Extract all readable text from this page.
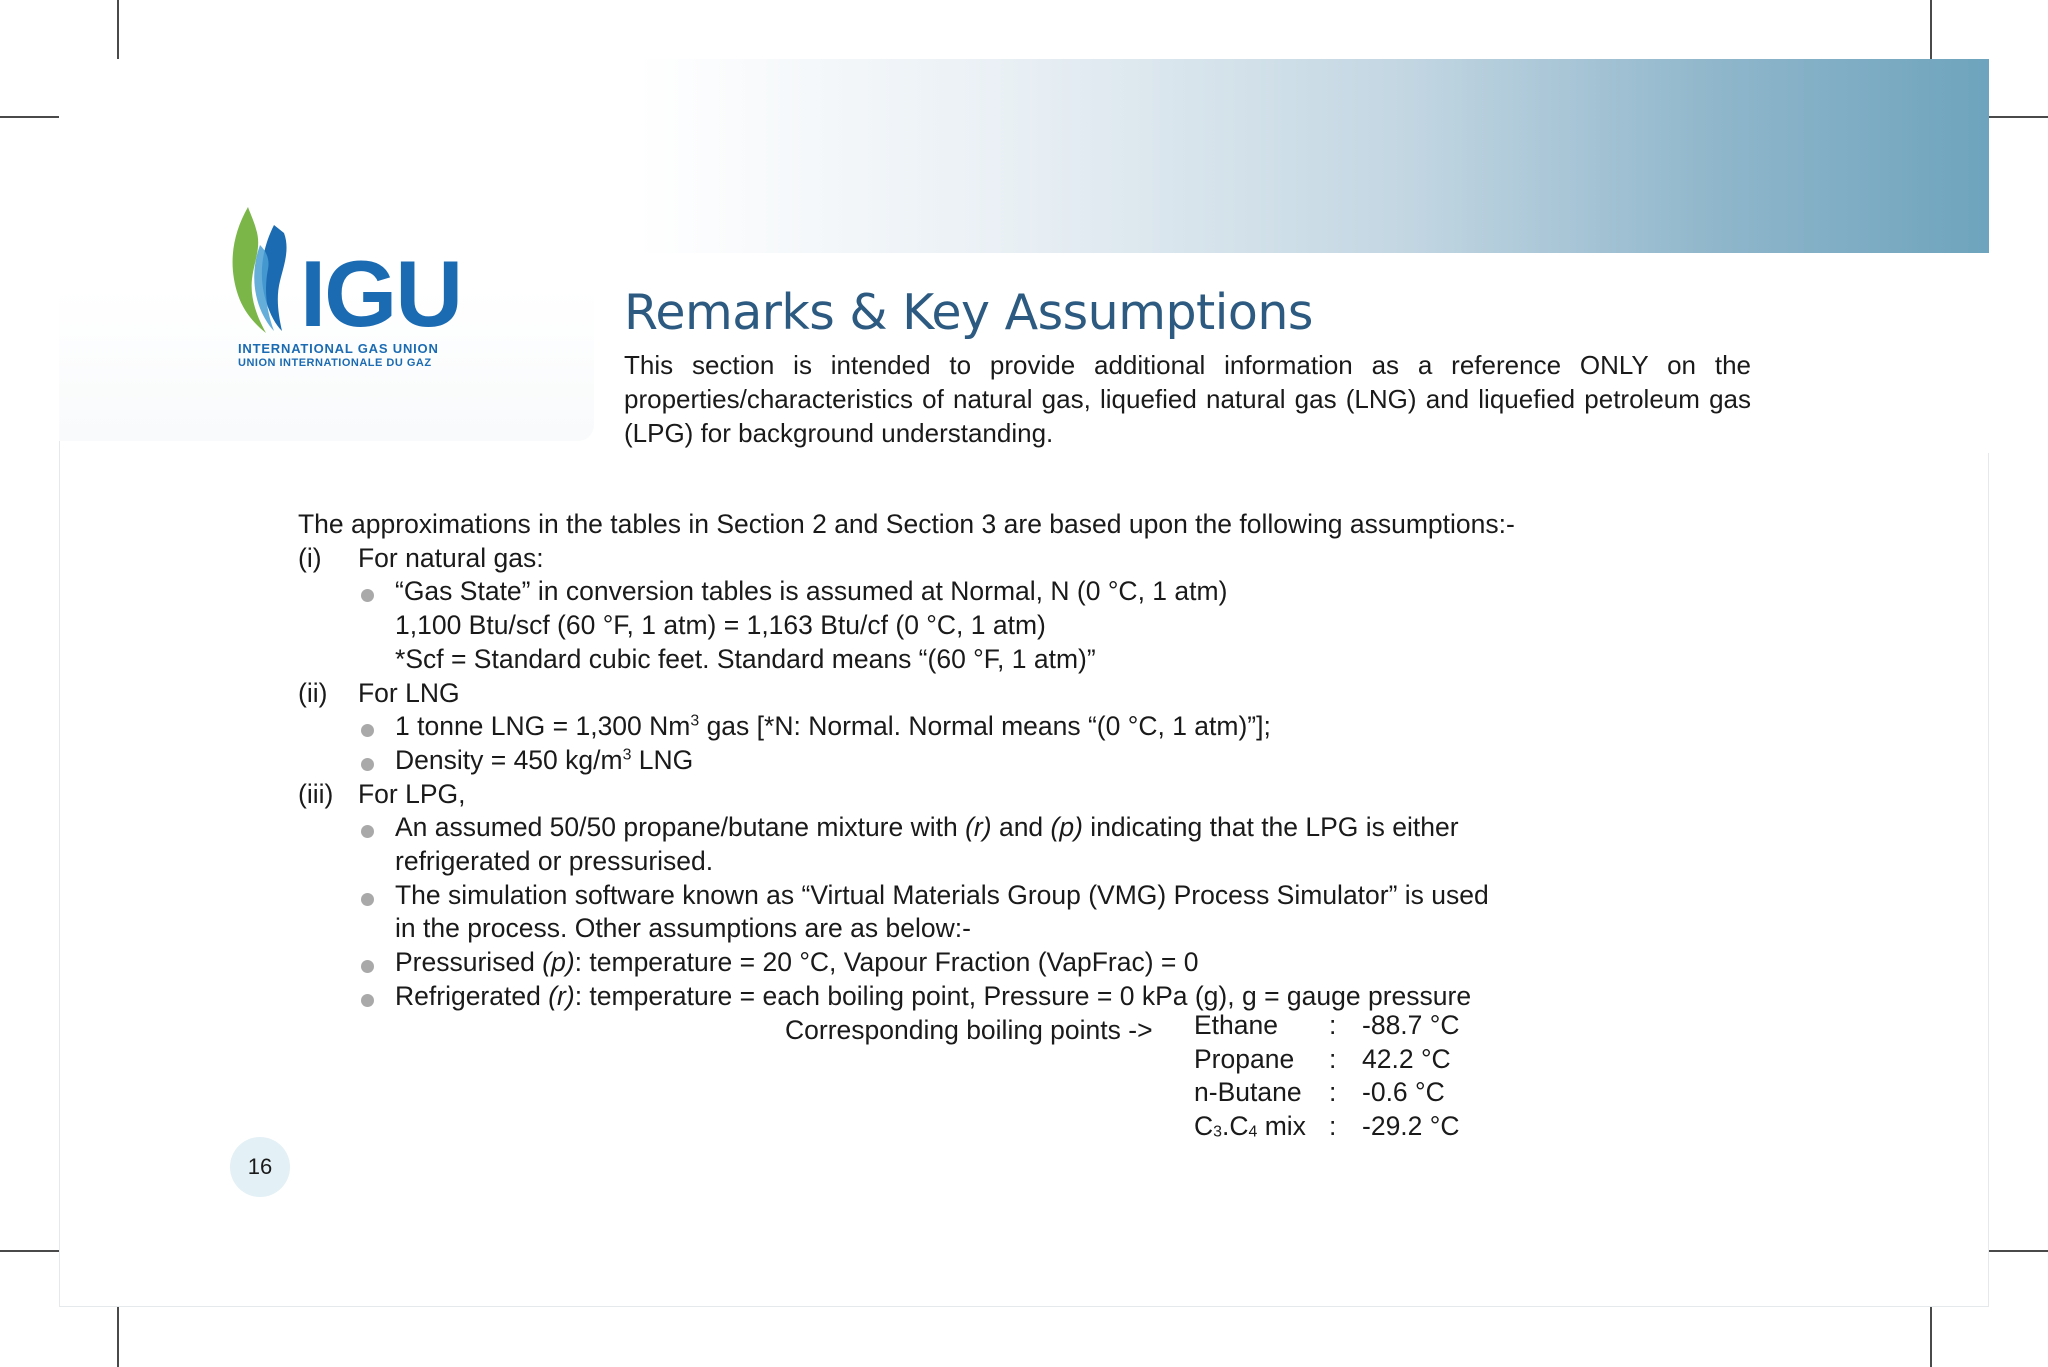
IGU
INTERNATIONAL GAS UNION
UNION INTERNATIONALE DU GAZ
Remarks & Key Assumptions
This section is intended to provide additional information as a reference ONLY on the properties/characteristics of natural gas, liquefied natural gas (LNG) and liquefied petroleum gas (LPG) for background understanding.
The approximations in the tables in Section 2 and Section 3 are based upon the following assumptions:-
(i) For natural gas:
“Gas State” in conversion tables is assumed at Normal, N (0 °C, 1 atm)
1,100 Btu/scf (60 °F, 1 atm) = 1,163 Btu/cf (0 °C, 1 atm)
*Scf = Standard cubic feet. Standard means “(60 °F, 1 atm)”
(ii) For LNG
1 tonne LNG = 1,300 Nm$^3$ gas [*N: Normal. Normal means “(0 °C, 1 atm)”];
Density = 450 $kg/m^3$ LNG
(iii) For LPG,
An assumed 50/50 propane/butane mixture with (r) and (p) indicating that the LPG is either
refrigerated or pressurised.
The simulation software known as “Virtual Materials Group (VMG) Process Simulator” is used
in the process. Other assumptions are as below:-
Pressurised (p): temperature = 20 °C, Vapour Fraction (VapFrac) = 0
Refrigerated (r): temperature = each boiling point, Pressure = 0 kPa (g), g = gauge pressure
Corresponding boiling points -> Ethane : -88.7 °C
Propane : 42.2 °C
n-Butane : -0.6 °C
$C_3.C_4$ mix : -29.2 °C
16
